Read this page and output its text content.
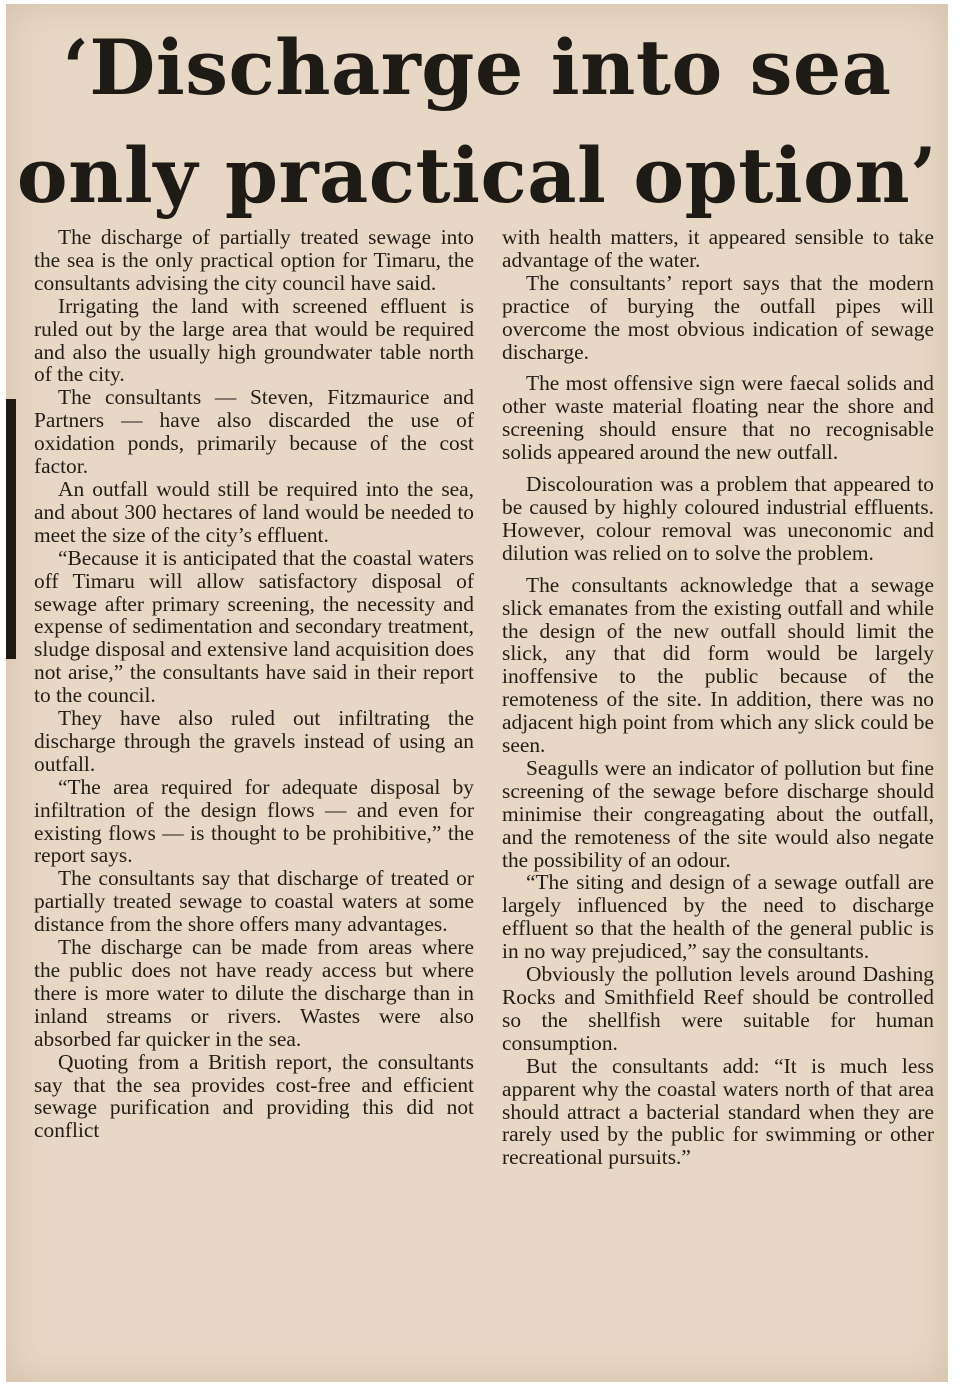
‘Discharge into sea
only practical option’

The discharge of partially treated sewage into the sea is the only practical option for Timaru, the consultants advising the city council have said.

Irrigating the land with screened effluent is ruled out by the large area that would be required and also the usually high groundwater table north of the city.

The consultants — Steven, Fitzmaurice and Partners — have also discarded the use of oxidation ponds, primarily because of the cost factor.

An outfall would still be required into the sea, and about 300 hectares of land would be needed to meet the size of the city’s effluent.

“Because it is anticipated that the coastal waters off Timaru will allow satisfactory disposal of sewage after primary screening, the necessity and expense of sedimentation and secondary treatment, sludge disposal and extensive land acquisition does not arise,” the consultants have said in their report to the council.

They have also ruled out infiltrating the discharge through the gravels instead of using an outfall.

“The area required for adequate disposal by infiltration of the design flows — and even for existing flows — is thought to be prohibitive,” the report says.

The consultants say that discharge of treated or partially treated sewage to coastal waters at some distance from the shore offers many advantages.

The discharge can be made from areas where the public does not have ready access but where there is more water to dilute the discharge than in inland streams or rivers. Wastes were also absorbed far quicker in the sea.

Quoting from a British report, the consultants say that the sea provides cost-free and efficient sewage purification and providing this did not conflict

with health matters, it appeared sensible to take advantage of the water.

The consultants’ report says that the modern practice of burying the outfall pipes will overcome the most obvious indication of sewage discharge.

The most offensive sign were faecal solids and other waste material floating near the shore and screening should ensure that no recognisable solids appeared around the new outfall.

Discolouration was a problem that appeared to be caused by highly coloured industrial effluents. However, colour removal was uneconomic and dilution was relied on to solve the problem.

The consultants acknowledge that a sewage slick emanates from the existing outfall and while the design of the new outfall should limit the slick, any that did form would be largely inoffensive to the public because of the remoteness of the site. In addition, there was no adjacent high point from which any slick could be seen.

Seagulls were an indicator of pollution but fine screening of the sewage before discharge should minimise their congreagating about the outfall, and the remoteness of the site would also negate the possibility of an odour.

“The siting and design of a sewage outfall are largely influenced by the need to discharge effluent so that the health of the general public is in no way prejudiced,” say the consultants.

Obviously the pollution levels around Dashing Rocks and Smithfield Reef should be controlled so the shellfish were suitable for human consumption.

But the consultants add: “It is much less apparent why the coastal waters north of that area should attract a bacterial standard when they are rarely used by the public for swimming or other recreational pursuits.”
